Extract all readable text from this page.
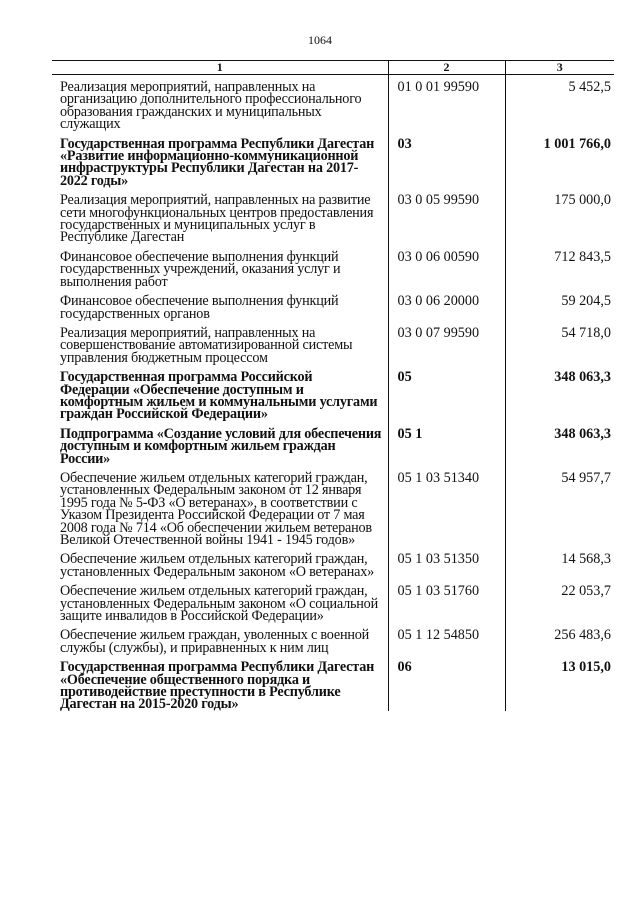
1064
1	2	3

Реализация мероприятий, направленных на организацию дополнительного профессионального образования гражданских и муниципальных служащих	01 0 01 99590	5 452,5

Государственная программа Республики Дагестан «Развитие информационно-коммуникационной инфраструктуры Республики Дагестан на 2017- 2022 годы»	03	1 001 766,0

Реализация мероприятий, направленных на развитие сети многофункциональных центров предоставления государственных и муниципальных услуг в Республике Дагестан	03 0 05 99590	175 000,0

Финансовое обеспечение выполнения функций государственных учреждений, оказания услуг и выполнения работ	03 0 06 00590	712 843,5

Финансовое обеспечение выполнения функций государственных органов	03 0 06 20000	59 204,5

Реализация мероприятий, направленных на совершенствование автоматизированной системы управления бюджетным процессом	03 0 07 99590	54 718,0

Государственная программа Российской Федерации «Обеспечение доступным и комфортным жильем и коммунальными услугами граждан Российской Федерации»	05	348 063,3

Подпрограмма «Создание условий для обеспечения доступным и комфортным жильем граждан России»	05 1	348 063,3

Обеспечение жильем отдельных категорий граждан, установленных Федеральным законом от 12 января 1995 года № 5-ФЗ «О ветеранах», в соответствии с Указом Президента Российской Федерации от 7 мая 2008 года № 714 «Об обеспечении жильем ветеранов Великой Отечественной войны 1941 - 1945 годов»	05 1 03 51340	54 957,7

Обеспечение жильем отдельных категорий граждан, установленных Федеральным законом «О ветеранах»	05 1 03 51350	14 568,3

Обеспечение жильем отдельных категорий граждан, установленных Федеральным законом «О социальной защите инвалидов в Российской Федерации»	05 1 03 51760	22 053,7

Обеспечение жильем граждан, уволенных с военной службы (службы), и приравненных к ним лиц	05 1 12 54850	256 483,6

Государственная программа Республики Дагестан «Обеспечение общественного порядка и противодействие преступности в Республике Дагестан на 2015-2020 годы»	06	13 015,0
